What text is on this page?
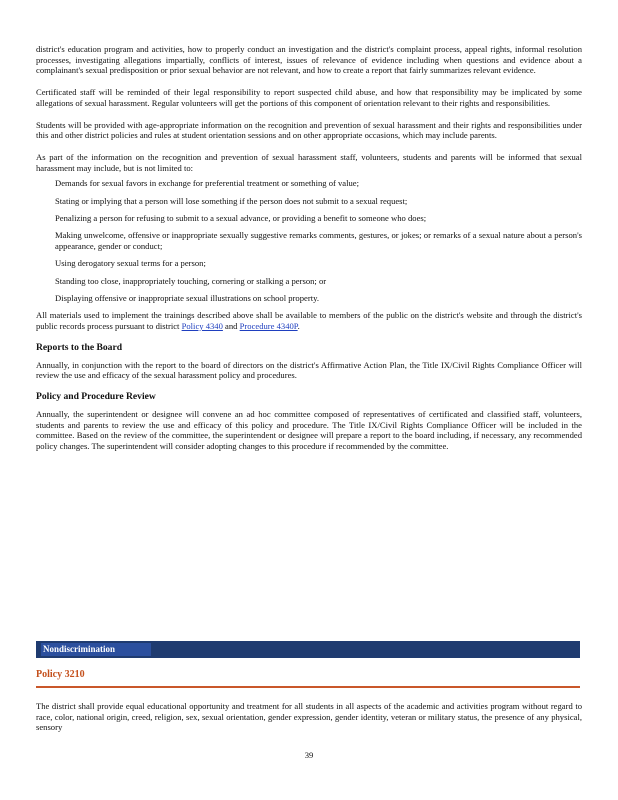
district's education program and activities, how to properly conduct an investigation and the district's complaint process, appeal rights, informal resolution processes, investigating allegations impartially, conflicts of interest, issues of relevance of evidence including when questions and evidence about a complainant's sexual predisposition or prior sexual behavior are not relevant, and how to create a report that fairly summarizes relevant evidence.

Certificated staff will be reminded of their legal responsibility to report suspected child abuse, and how that responsibility may be implicated by some allegations of sexual harassment. Regular volunteers will get the portions of this component of orientation relevant to their rights and responsibilities.

Students will be provided with age-appropriate information on the recognition and prevention of sexual harassment and their rights and responsibilities under this and other district policies and rules at student orientation sessions and on other appropriate occasions, which may include parents.

As part of the information on the recognition and prevention of sexual harassment staff, volunteers, students and parents will be informed that sexual harassment may include, but is not limited to:

Demands for sexual favors in exchange for preferential treatment or something of value;
Stating or implying that a person will lose something if the person does not submit to a sexual request;
Penalizing a person for refusing to submit to a sexual advance, or providing a benefit to someone who does;
Making unwelcome, offensive or inappropriate sexually suggestive remarks comments, gestures, or jokes; or remarks of a sexual nature about a person's appearance, gender or conduct;
Using derogatory sexual terms for a person;
Standing too close, inappropriately touching, cornering or stalking a person; or
Displaying offensive or inappropriate sexual illustrations on school property.

All materials used to implement the trainings described above shall be available to members of the public on the district's website and through the district's public records process pursuant to district Policy 4340 and Procedure 4340P.

Reports to the Board

Annually, in conjunction with the report to the board of directors on the district's Affirmative Action Plan, the Title IX/Civil Rights Compliance Officer will review the use and efficacy of the sexual harassment policy and procedures.

Policy and Procedure Review

Annually, the superintendent or designee will convene an ad hoc committee composed of representatives of certificated and classified staff, volunteers, students and parents to review the use and efficacy of this policy and procedure. The Title IX/Civil Rights Compliance Officer will be included in the committee. Based on the review of the committee, the superintendent or designee will prepare a report to the board including, if necessary, any recommended policy changes. The superintendent will consider adopting changes to this procedure if recommended by the committee.

Nondiscrimination
Policy 3210

The district shall provide equal educational opportunity and treatment for all students in all aspects of the academic and activities program without regard to race, color, national origin, creed, religion, sex, sexual orientation, gender expression, gender identity, veteran or military status, the presence of any physical, sensory

39
